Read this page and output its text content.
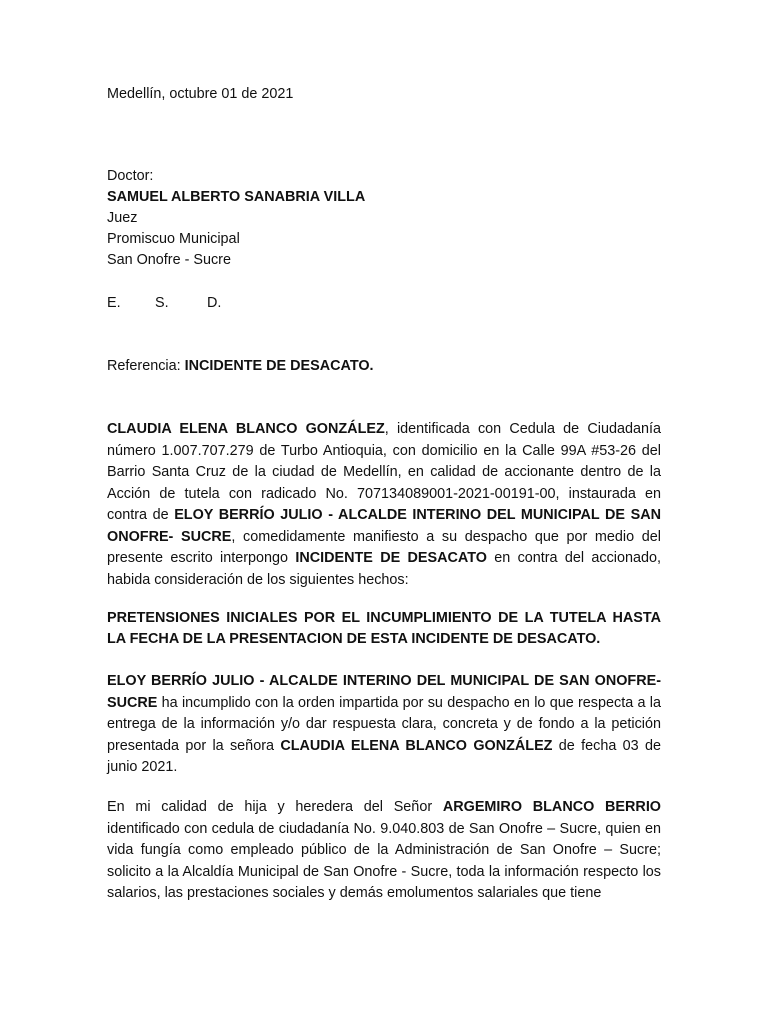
Medellín, octubre 01 de 2021
Doctor:
SAMUEL ALBERTO SANABRIA VILLA
Juez
Promiscuo Municipal
San Onofre - Sucre
E. S.	D.
Referencia: INCIDENTE DE DESACATO.
CLAUDIA ELENA BLANCO GONZÁLEZ, identificada con Cedula de Ciudadanía número 1.007.707.279 de Turbo Antioquia, con domicilio en la Calle 99A #53-26 del Barrio Santa Cruz de la ciudad de Medellín, en calidad de accionante dentro de la Acción de tutela con radicado No. 707134089001-2021-00191-00, instaurada en contra de ELOY BERRÍO JULIO - ALCALDE INTERINO DEL MUNICIPAL DE SAN ONOFRE- SUCRE, comedidamente manifiesto a su despacho que por medio del presente escrito interpongo INCIDENTE DE DESACATO en contra del accionado, habida consideración de los siguientes hechos:
PRETENSIONES INICIALES POR EL INCUMPLIMIENTO DE LA TUTELA HASTA LA FECHA DE LA PRESENTACION DE ESTA INCIDENTE DE DESACATO.
ELOY BERRÍO JULIO - ALCALDE INTERINO DEL MUNICIPAL DE SAN ONOFRE- SUCRE ha incumplido con la orden impartida por su despacho en lo que respecta a la entrega de la información y/o dar respuesta clara, concreta y de fondo a la petición presentada por la señora CLAUDIA ELENA BLANCO GONZÁLEZ de fecha 03 de junio 2021.
En mi calidad de hija y heredera del Señor ARGEMIRO BLANCO BERRIO identificado con cedula de ciudadanía No. 9.040.803 de San Onofre – Sucre, quien en vida fungía como empleado público de la Administración de San Onofre – Sucre; solicito a la Alcaldía Municipal de San Onofre - Sucre, toda la información respecto los salarios, las prestaciones sociales y demás emolumentos salariales que tiene
